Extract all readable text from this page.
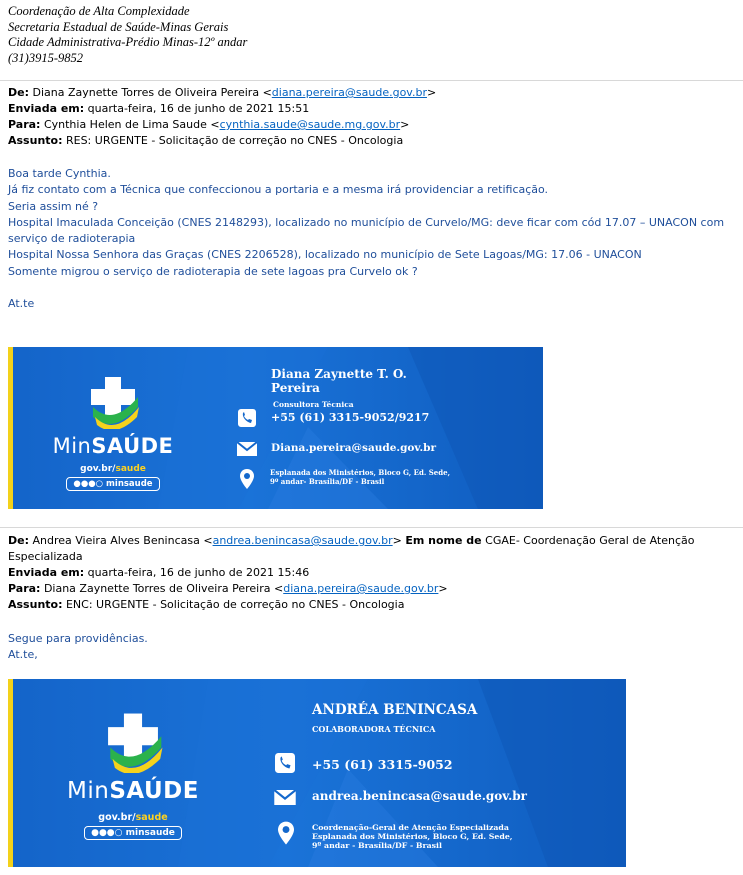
Coordenação de Alta Complexidade
Secretaria Estadual de Saúde-Minas Gerais
Cidade Administrativa-Prédio Minas-12º andar
(31)3915-9852
De: Diana Zaynette Torres de Oliveira Pereira <diana.pereira@saude.gov.br>
Enviada em: quarta-feira, 16 de junho de 2021 15:51
Para: Cynthia Helen de Lima Saude <cynthia.saude@saude.mg.gov.br>
Assunto: RES: URGENTE - Solicitação de correção no CNES - Oncologia
Boa tarde Cynthia.
Já fiz contato com a Técnica que confeccionou a portaria e a mesma irá providenciar a retificação.
Seria assim né ?
Hospital Imaculada Conceição (CNES 2148293), localizado no município de Curvelo/MG: deve ficar com cód 17.07 – UNACON com
serviço de radioterapia
Hospital Nossa Senhora das Graças (CNES 2206528), localizado no município de Sete Lagoas/MG: 17.06 - UNACON
Somente migrou o serviço de radioterapia de sete lagoas pra Curvelo ok ?
At.te
MinSAÚDE
gov.br/saude
●●●○ minsaude
Diana Zaynette T. O.
Pereira
Consultora Técnica
+55 (61) 3315-9052/9217
Diana.pereira@saude.gov.br
Esplanada dos Ministérios, Bloco G, Ed. Sede,
9º andar- Brasília/DF - Brasil
De: Andrea Vieira Alves Benincasa <andrea.benincasa@saude.gov.br> Em nome de CGAE- Coordenação Geral de Atenção
Especializada
Enviada em: quarta-feira, 16 de junho de 2021 15:46
Para: Diana Zaynette Torres de Oliveira Pereira <diana.pereira@saude.gov.br>
Assunto: ENC: URGENTE - Solicitação de correção no CNES - Oncologia
Segue para providências.
At.te,
MinSAÚDE
gov.br/saude
●●●○ minsaude
ANDRÉA BENINCASA
COLABORADORA TÉCNICA
+55 (61) 3315-9052
andrea.benincasa@saude.gov.br
Coordenação-Geral de Atenção Especializada
Esplanada dos Ministérios, Bloco G, Ed. Sede,
9º andar - Brasília/DF - Brasil
